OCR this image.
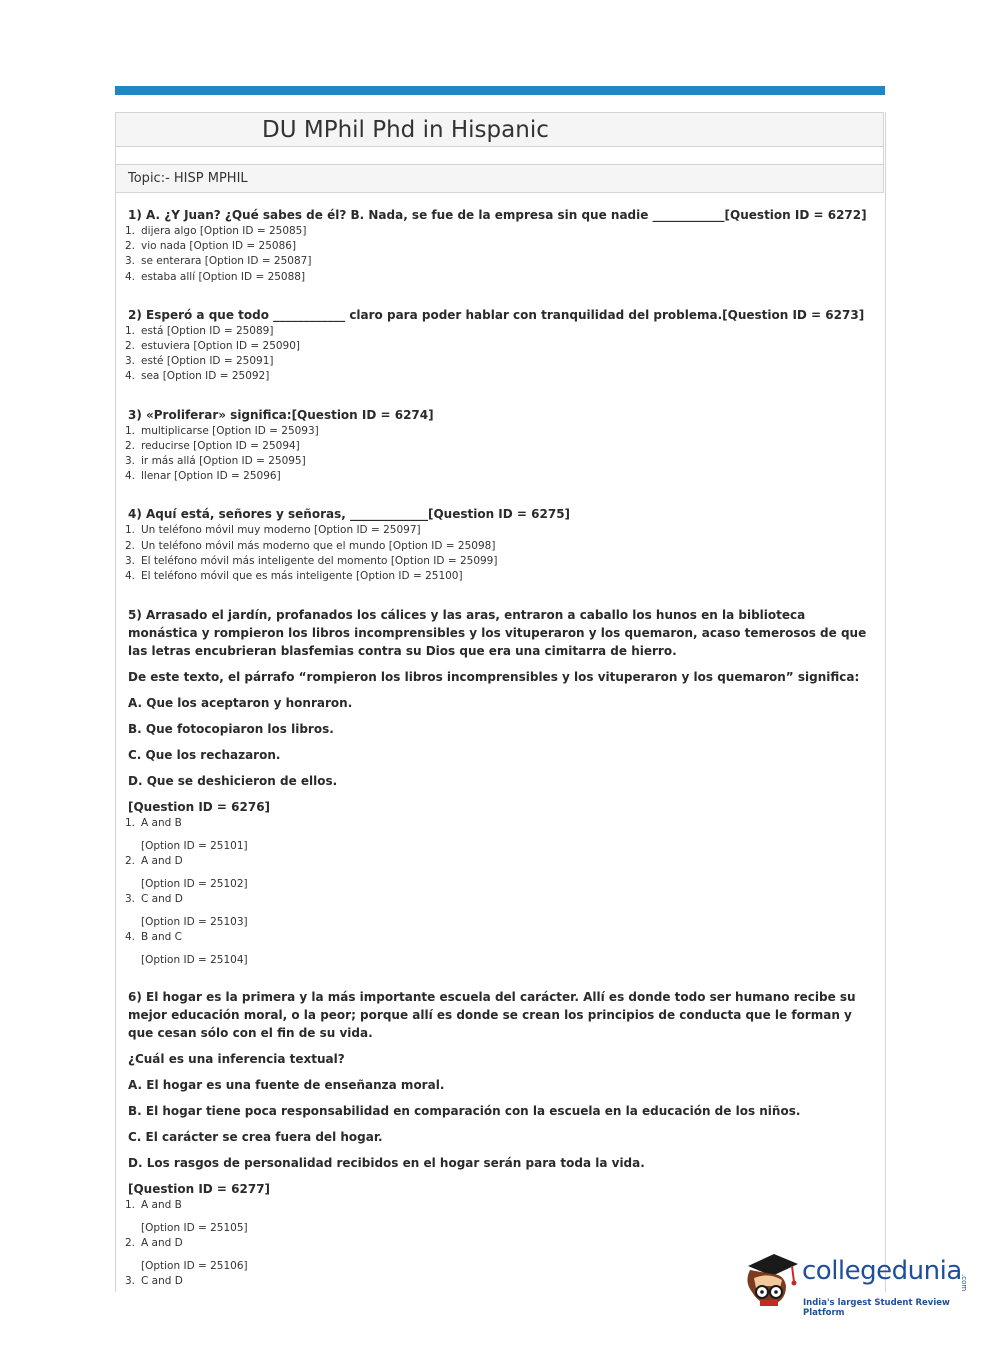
DU MPhil Phd in Hispanic
Topic:- HISP MPHIL
1) A. ¿Y Juan? ¿Qué sabes de él? B. Nada, se fue de la empresa sin que nadie ____________[Question ID = 6272]
1. dijera algo [Option ID = 25085]
2. vio nada [Option ID = 25086]
3. se enterara [Option ID = 25087]
4. estaba allí [Option ID = 25088]
2) Esperó a que todo ____________ claro para poder hablar con tranquilidad del problema.[Question ID = 6273]
1. está [Option ID = 25089]
2. estuviera [Option ID = 25090]
3. esté [Option ID = 25091]
4. sea [Option ID = 25092]
3) «Proliferar» significa:[Question ID = 6274]
1. multiplicarse [Option ID = 25093]
2. reducirse [Option ID = 25094]
3. ir más allá [Option ID = 25095]
4. llenar [Option ID = 25096]
4) Aquí está, señores y señoras, _____________[Question ID = 6275]
1. Un teléfono móvil muy moderno [Option ID = 25097]
2. Un teléfono móvil más moderno que el mundo [Option ID = 25098]
3. El teléfono móvil más inteligente del momento [Option ID = 25099]
4. El teléfono móvil que es más inteligente [Option ID = 25100]
5) Arrasado el jardín, profanados los cálices y las aras, entraron a caballo los hunos en la biblioteca monástica y rompieron los libros incomprensibles y los vituperaron y los quemaron, acaso temerosos de que las letras encubrieran blasfemias contra su Dios que era una cimitarra de hierro.
De este texto, el párrafo “rompieron los libros incomprensibles y los vituperaron y los quemaron” significa:
A. Que los aceptaron y honraron.
B. Que fotocopiaron los libros.
C. Que los rechazaron.
D. Que se deshicieron de ellos.
[Question ID = 6276]
1. A and B
[Option ID = 25101]
2. A and D
[Option ID = 25102]
3. C and D
[Option ID = 25103]
4. B and C
[Option ID = 25104]
6) El hogar es la primera y la más importante escuela del carácter. Allí es donde todo ser humano recibe su mejor educación moral, o la peor; porque allí es donde se crean los principios de conducta que le forman y que cesan sólo con el fin de su vida.
¿Cuál es una inferencia textual?
A. El hogar es una fuente de enseñanza moral.
B. El hogar tiene poca responsabilidad en comparación con la escuela en la educación de los niños.
C. El carácter se crea fuera del hogar.
D. Los rasgos de personalidad recibidos en el hogar serán para toda la vida.
[Question ID = 6277]
1. A and B
[Option ID = 25105]
2. A and D
[Option ID = 25106]
3. C and D	collegedunia
.com
India's largest Student Review Platform
